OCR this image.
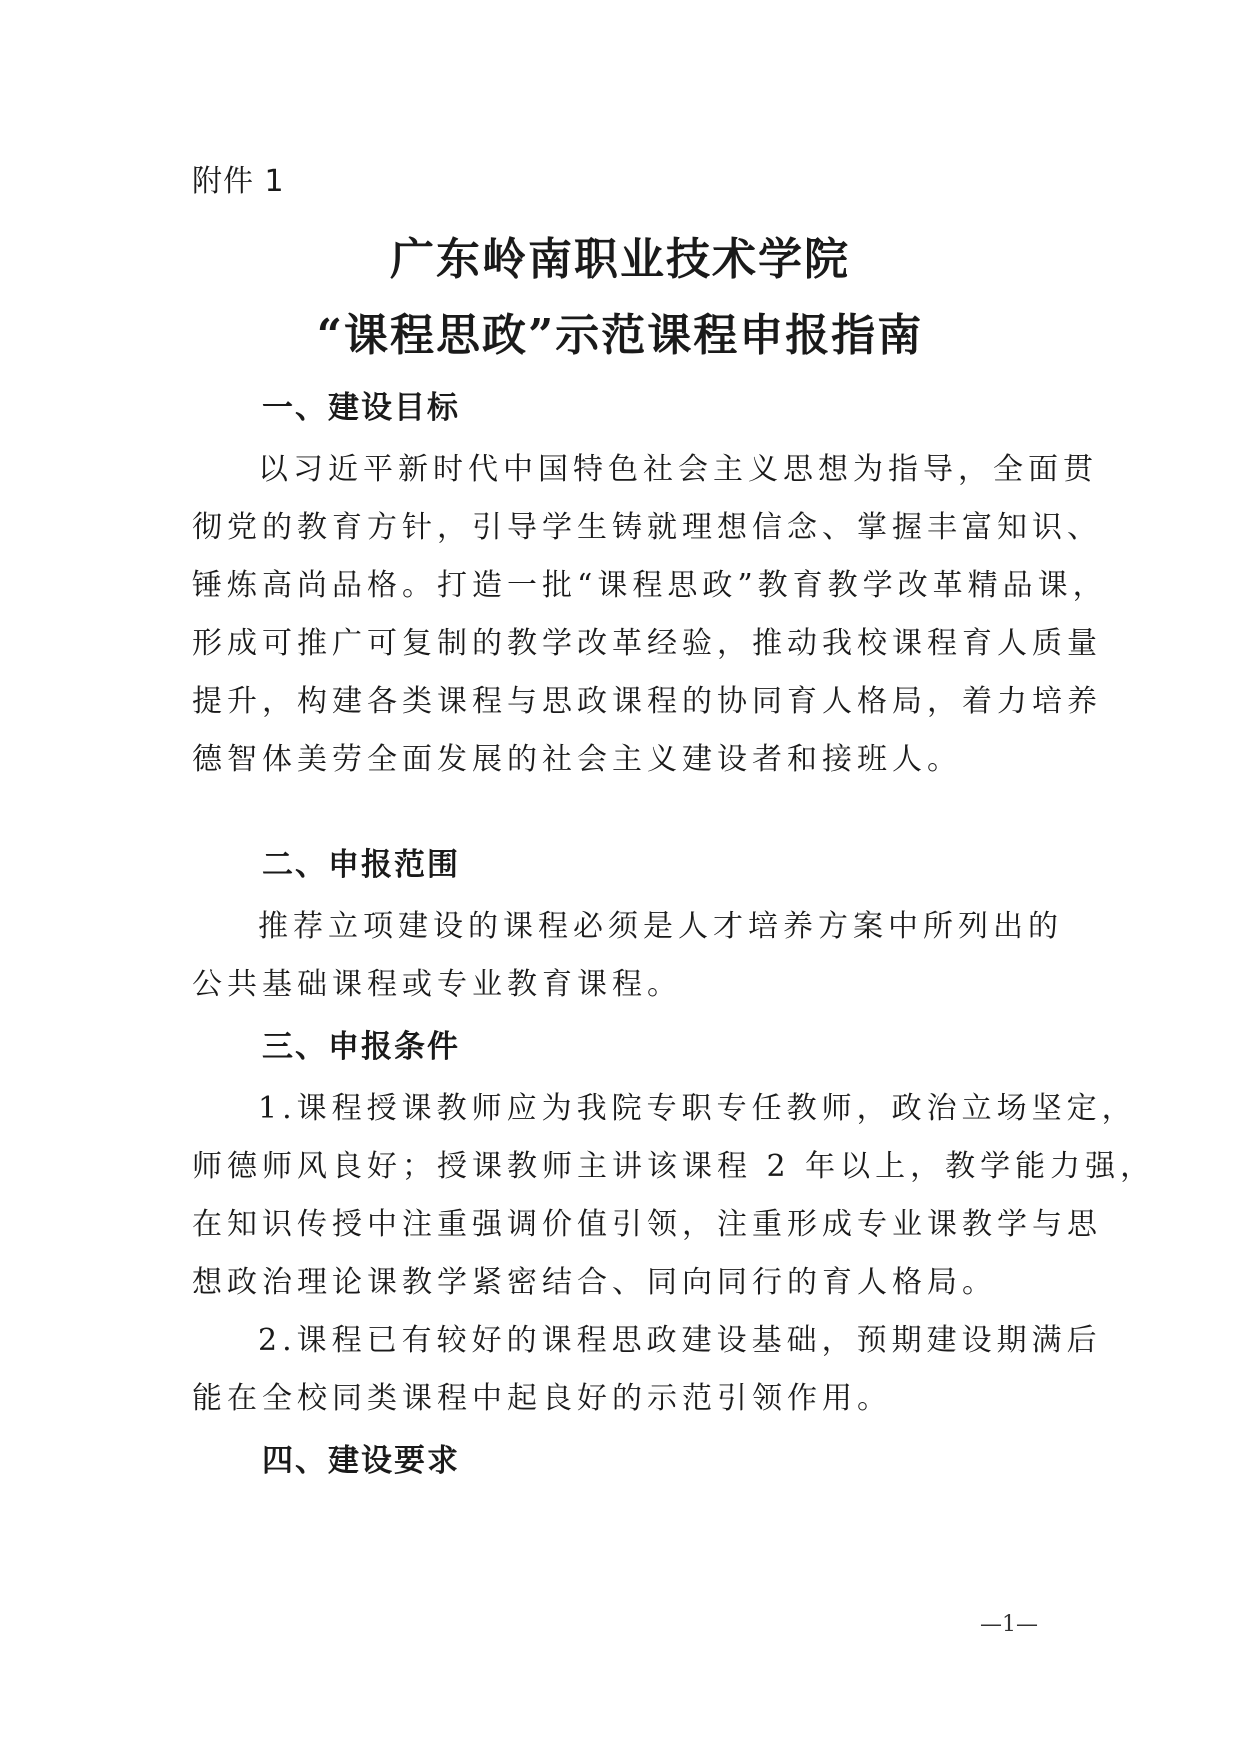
附件 1
广东岭南职业技术学院
“课程思政”示范课程申报指南
一、建设目标
以习近平新时代中国特色社会主义思想为指导，全面贯
彻党的教育方针，引导学生铸就理想信念、掌握丰富知识、
锤炼高尚品格。打造一批“课程思政”教育教学改革精品课，
形成可推广可复制的教学改革经验，推动我校课程育人质量
提升，构建各类课程与思政课程的协同育人格局，着力培养
德智体美劳全面发展的社会主义建设者和接班人。
二、申报范围
推荐立项建设的课程必须是人才培养方案中所列出的
公共基础课程或专业教育课程。
三、申报条件
1.课程授课教师应为我院专职专任教师，政治立场坚定，
师德师风良好；授课教师主讲该课程 2 年以上，教学能力强，
在知识传授中注重强调价值引领，注重形成专业课教学与思
想政治理论课教学紧密结合、同向同行的育人格局。
2.课程已有较好的课程思政建设基础，预期建设期满后
能在全校同类课程中起良好的示范引领作用。
四、建设要求
—1—
